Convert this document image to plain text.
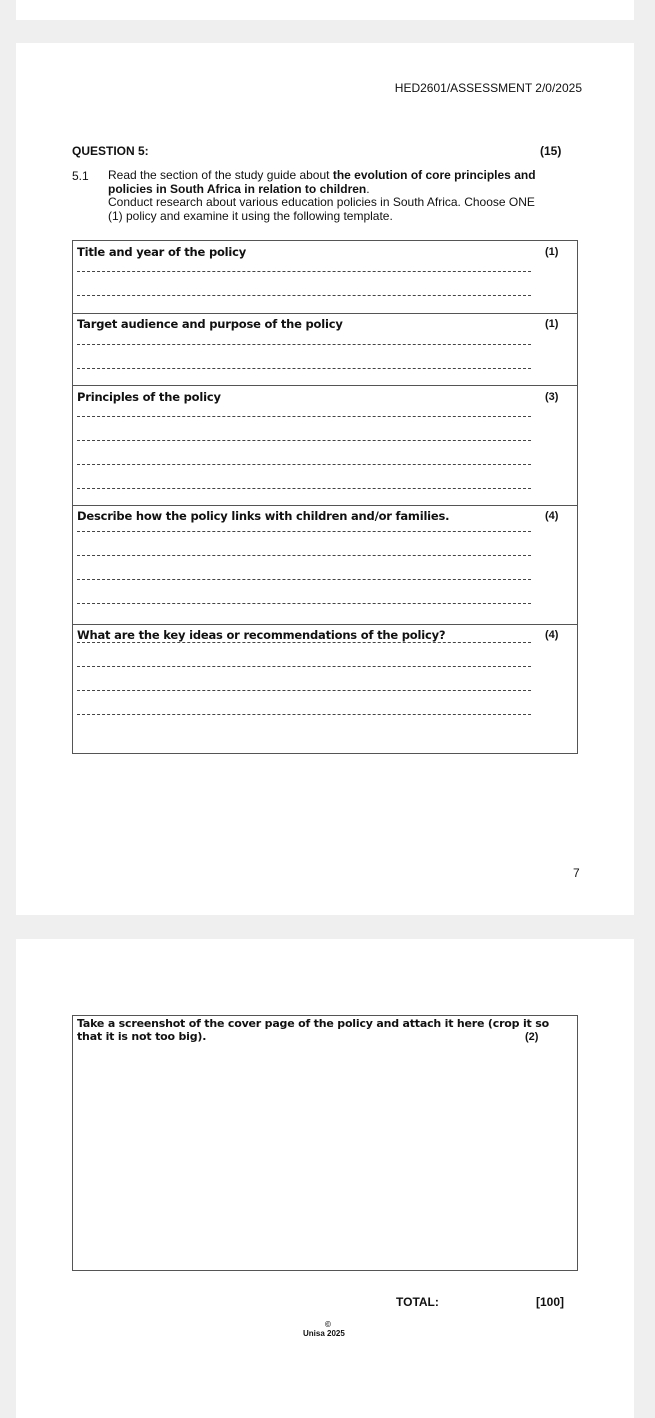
HED2601/ASSESSMENT 2/0/2025
QUESTION 5:	(15)
5.1 Read the section of the study guide about the evolution of core principles and policies in South Africa in relation to children.
Conduct research about various education policies in South Africa. Choose ONE (1) policy and examine it using the following template.
Title and year of the policy	(1)
Target audience and purpose of the policy	(1)
Principles of the policy	(3)
Describe how the policy links with children and/or families.	(4)
What are the key ideas or recommendations of the policy?	(4)
7
Take a screenshot of the cover page of the policy and attach it here (crop it so that it is not too big).	(2)
TOTAL:	[100]
©
Unisa 2025
